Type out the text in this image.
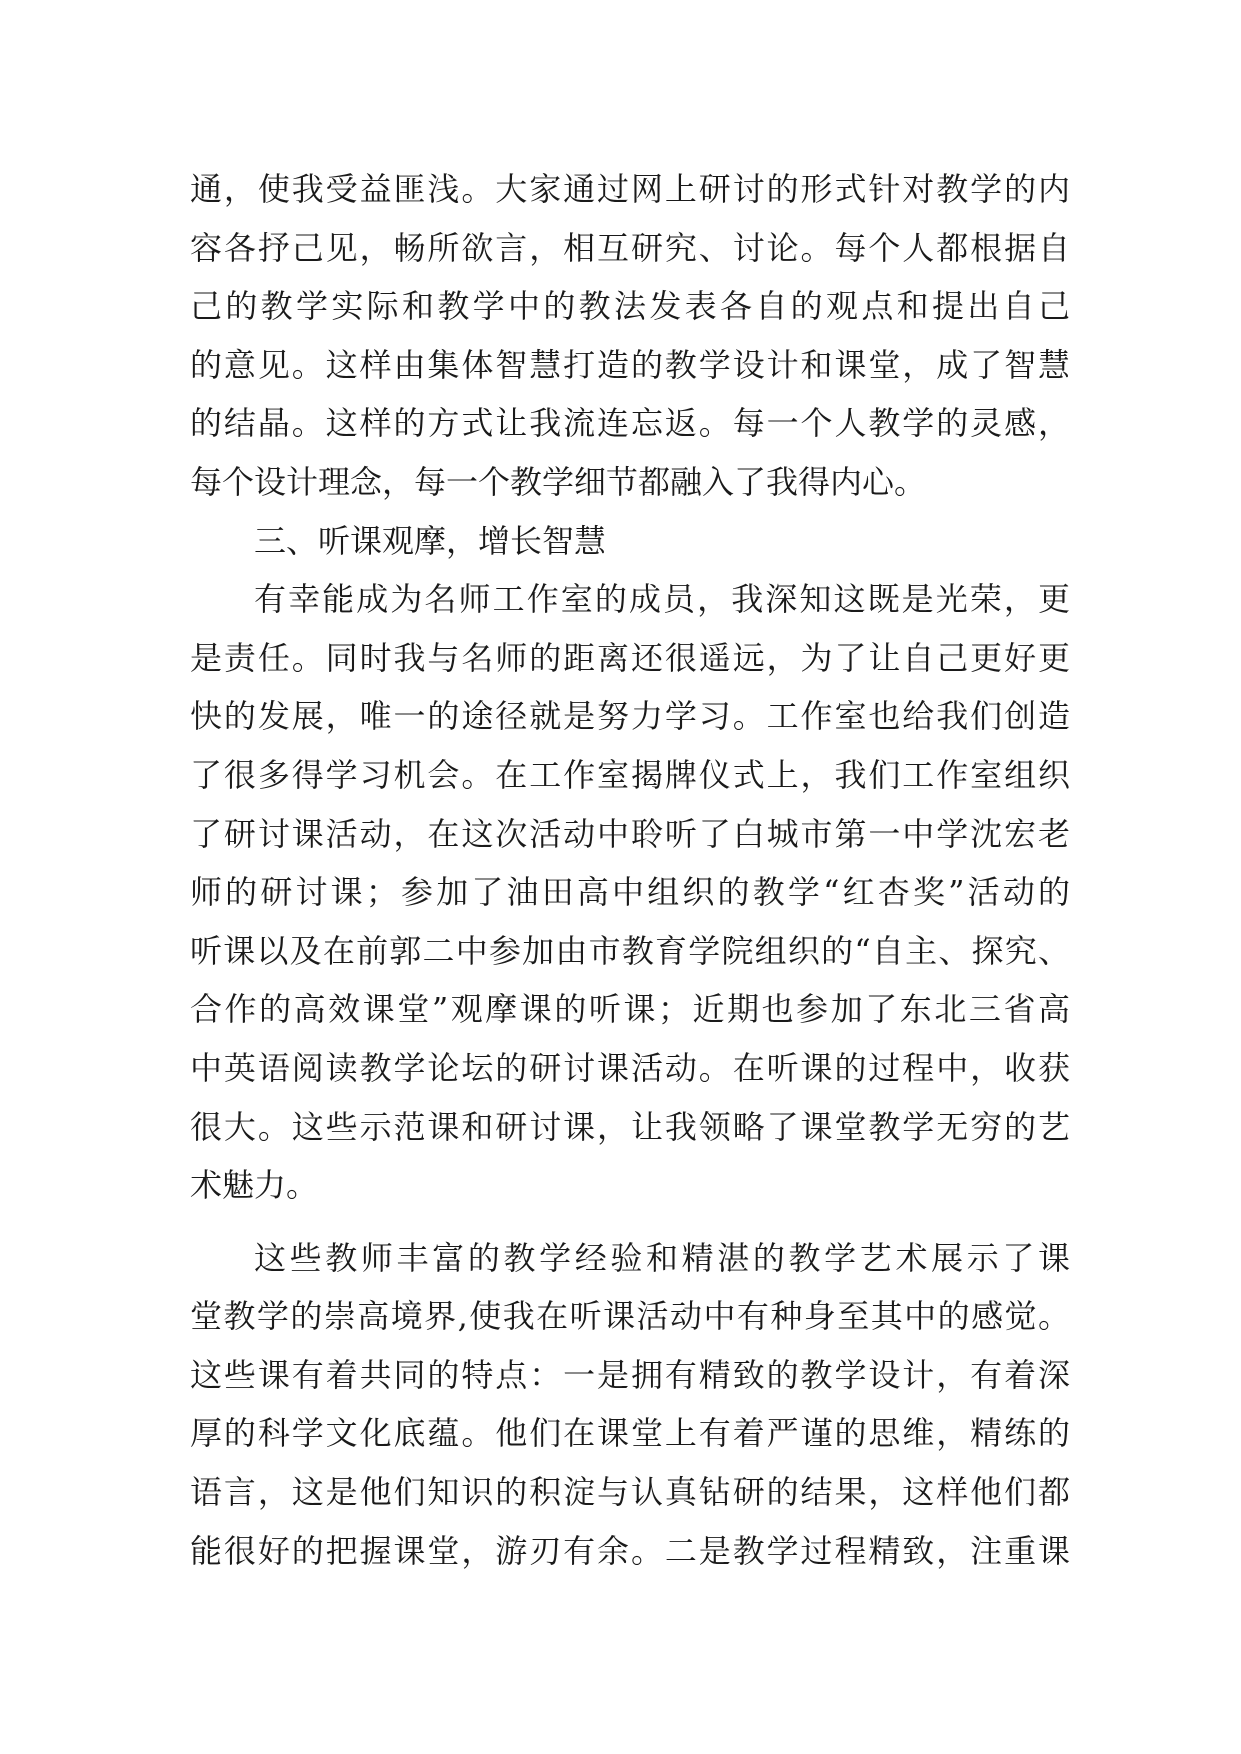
通，使我受益匪浅。大家通过网上研讨的形式针对教学的内
容各抒己见，畅所欲言，相互研究、讨论。每个人都根据自
己的教学实际和教学中的教法发表各自的观点和提出自己
的意见。这样由集体智慧打造的教学设计和课堂，成了智慧
的结晶。这样的方式让我流连忘返。每一个人教学的灵感，
每个设计理念，每一个教学细节都融入了我得内心。
三、听课观摩，增长智慧
有幸能成为名师工作室的成员，我深知这既是光荣，更
是责任。同时我与名师的距离还很遥远，为了让自己更好更
快的发展，唯一的途径就是努力学习。工作室也给我们创造
了很多得学习机会。在工作室揭牌仪式上，我们工作室组织
了研讨课活动，在这次活动中聆听了白城市第一中学沈宏老
师的研讨课；参加了油田高中组织的教学“红杏奖”活动的
听课以及在前郭二中参加由市教育学院组织的“自主、探究、
合作的高效课堂”观摩课的听课；近期也参加了东北三省高
中英语阅读教学论坛的研讨课活动。在听课的过程中，收获
很大。这些示范课和研讨课，让我领略了课堂教学无穷的艺
术魅力。
这些教师丰富的教学经验和精湛的教学艺术展示了课
堂教学的崇高境界,使我在听课活动中有种身至其中的感觉。
这些课有着共同的特点：一是拥有精致的教学设计，有着深
厚的科学文化底蕴。他们在课堂上有着严谨的思维，精练的
语言，这是他们知识的积淀与认真钻研的结果，这样他们都
能很好的把握课堂，游刃有余。二是教学过程精致，注重课
